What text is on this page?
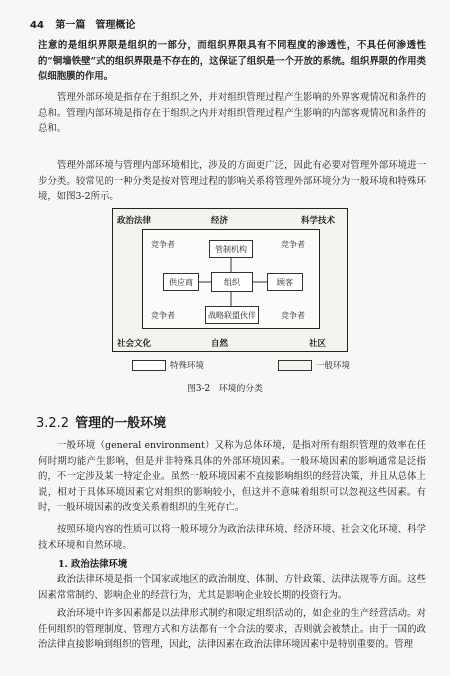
44 第一篇　管理概论
注意的是组织界限是组织的一部分，而组织界限具有不同程度的渗透性，不具任何渗透性的“铜墙铁壁”式的组织界限是不存在的，这保证了组织是一个开放的系统。组织界限的作用类似细胞膜的作用。
管理外部环境是指存在于组织之外，并对组织管理过程产生影响的外界客观情况和条件的总和。管理内部环境是指存在于组织之内并对组织管理过程产生影响的内部客观情况和条件的总和。
管理外部环境与管理内部环境相比，涉及的方面更广泛，因此有必要对管理外部环境进一步分类。较常见的一种分类是按对管理过程的影响关系将管理外部环境分为一般环境和特殊环境，如图3-2所示。
政治法律	经济	科学技术
社会文化	自然	社区
竞争者	竞争者
竞争者	竞争者
管制机构
供应商	组织	顾客
战略联盟伙伴
特殊环境	一般环境
图3-2　环境的分类
3.2.2 管理的一般环境
一般环境（general environment）又称为总体环境，是指对所有组织管理的效率在任何时期均能产生影响，但是并非特殊具体的外部环境因素。一般环境因素的影响通常是泛指的，不一定涉及某一特定企业。虽然一般环境因素不直接影响组织的经营决策，并且从总体上说，相对于具体环境因素它对组织的影响较小，但这并不意味着组织可以忽视这些因素。有时，一般环境因素的改变关系着组织的生死存亡。
按照环境内容的性质可以将一般环境分为政治法律环境、经济环境、社会文化环境、科学技术环境和自然环境。
1. 政治法律环境
政治法律环境是指一个国家或地区的政治制度、体制、方针政策、法律法规等方面。这些因素常常制约、影响企业的经营行为，尤其是影响企业较长期的投资行为。
政治环境中许多因素都是以法律形式制约和限定组织活动的，如企业的生产经营活动。对任何组织的管理制度、管理方式和方法都有一个合法的要求，否则就会被禁止。由于一国的政治法律直接影响到组织的管理，因此，法律因素在政治法律环境因素中是特别重要的。管理
